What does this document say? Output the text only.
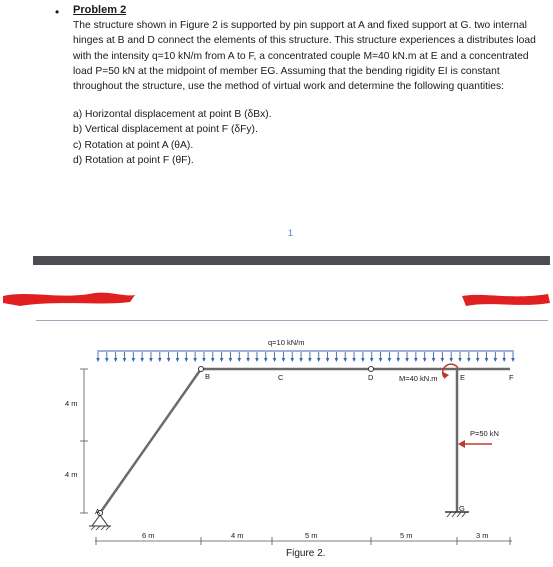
• Problem 2
The structure shown in Figure 2 is supported by pin support at A and fixed support at G. two internal hinges at B and D connect the elements of this structure. This structure experiences a distributes load with the intensity q=10 kN/m from A to F, a concentrated couple M=40 kN.m at E and a concentrated load P=50 kN at the midpoint of member EG. Assuming that the bending rigidity EI is constant throughout the structure, use the method of virtual work and determine the following quantities:
a) Horizontal displacement at point B (δBx).
b) Vertical displacement at point F (δFy).
c) Rotation at point A (θA).
d) Rotation at point F (θF).
1
q=10 kN/m
A
B	C	D	M=40 kN.m	E	F
P=50 kN
G
4 m
4 m
6 m	4 m	5 m	5 m	3 m
Figure 2.
